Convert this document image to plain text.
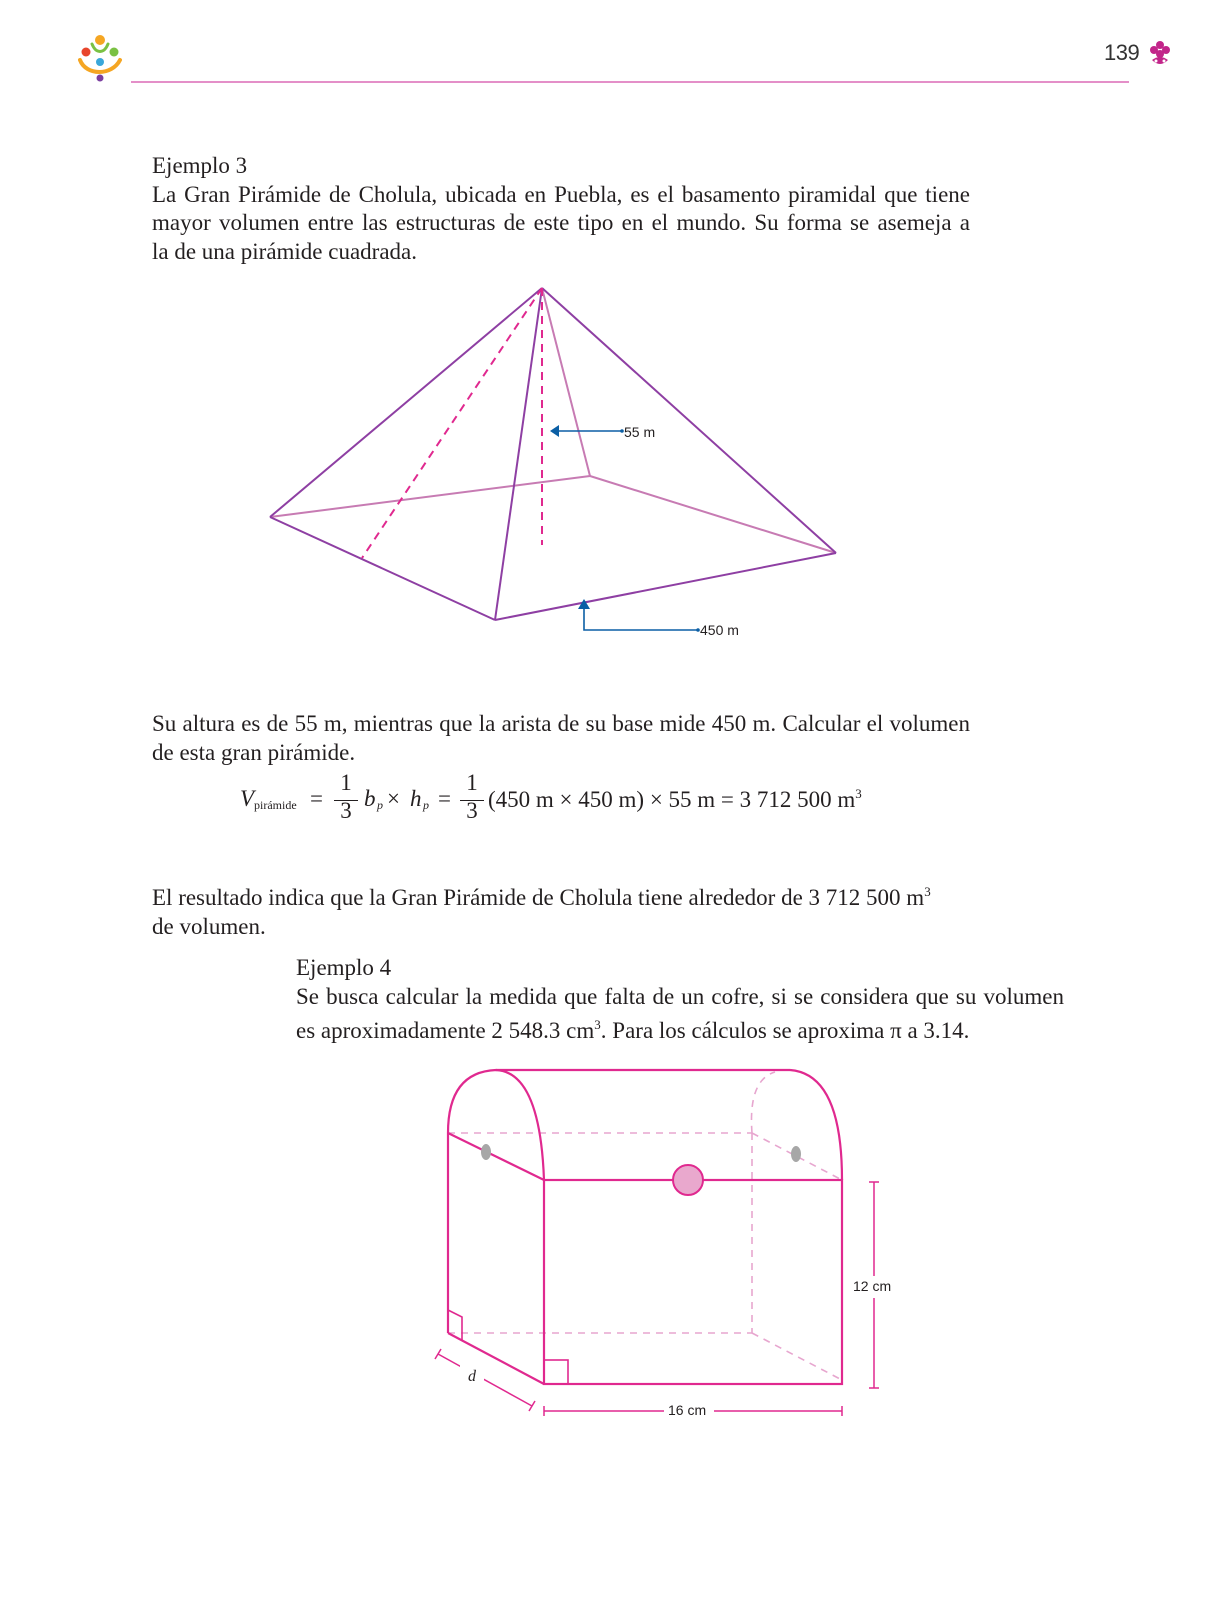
139
Ejemplo 3
La Gran Pirámide de Cholula, ubicada en Puebla, es el basamento piramidal que tiene
mayor volumen entre las estructuras de este tipo en el mundo. Su forma se asemeja a
la de una pirámide cuadrada.
55 m
450 m
Su altura es de 55 m, mientras que la arista de su base mide 450 m. Calcular el volumen
de esta gran pirámide.
V pirámide =
1
3 b p × h p =
1
3 (450 m × 450 m) × 55 m = 3 712 500 $m^3$
El resultado indica que la Gran Pirámide de Cholula tiene alrededor de 3 712 500 $m^3$
de volumen.
Ejemplo 4
Se busca calcular la medida que falta de un cofre, si se considera que su volumen
es aproximadamente 2 548.3 $cm^3$. Para los cálculos se aproxima π a 3.14.
12 cm
16 cm
d
